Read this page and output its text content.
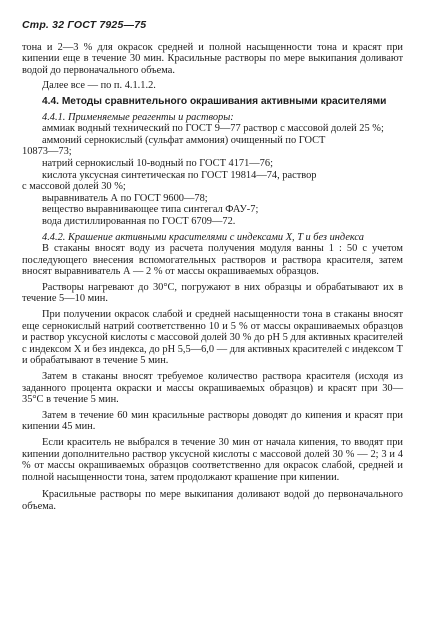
Стр. 32 ГОСТ 7925—75

тона и 2—3 % для окрасок средней и полной насыщенности тона и красят при кипении еще в течение 30 мин. Красильные растворы по мере выкипания доливают водой до первоначального объема.

Далее все — по п. 4.1.1.2.

4.4. Методы сравнительного окрашивания активными красителями

4.4.1. Применяемые реагенты и растворы:

аммиак водный технический по ГОСТ 9—77 раствор с массовой долей 25 %;

аммоний сернокислый (сульфат аммония) очищенный по ГОСТ

10873—73;

натрий сернокислый 10-водный по ГОСТ 4171—76;

кислота уксусная синтетическая по ГОСТ 19814—74, раствор

с массовой долей 30 %;

выравниватель А по ГОСТ 9600—78;

вещество выравнивающее типа синтегал ФАУ-7;

вода дистиллированная по ГОСТ 6709—72.

4.4.2. Крашение активными красителями с индексами X, T и без индекса

В стаканы вносят воду из расчета получения модуля ванны 1 : 50 с учетом последующего внесения вспомогательных растворов и раствора красителя, затем вносят выравниватель А — 2 % от массы окрашиваемых образцов.

Растворы нагревают до 30°С, погружают в них образцы и обрабатывают их в течение 5—10 мин.

При получении окрасок слабой и средней насыщенности тона в стаканы вносят еще сернокислый натрий соответственно 10 и 5 % от массы окрашиваемых образцов и раствор уксусной кислоты с массовой долей 30 % до рН 5 для активных красителей с индексом X и без индекса, до рН 5,5—6,0 — для активных красителей с индексом Т и обрабатывают в течение 5 мин.

Затем в стаканы вносят требуемое количество раствора красителя (исходя из заданного процента окраски и массы окрашиваемых образцов) и красят при 30—35°С в течение 5 мин.

Затем в течение 60 мин красильные растворы доводят до кипения и красят при кипении 45 мин.

Если краситель не выбрался в течение 30 мин от начала кипения, то вводят при кипении дополнительно раствор уксусной кислоты с массовой долей 30 % — 2; 3 и 4 % от массы окрашиваемых образцов соответственно для окрасок слабой, средней и полной насыщенности тона, затем продолжают крашение при кипении.

Красильные растворы по мере выкипания доливают водой до первоначального объема.
